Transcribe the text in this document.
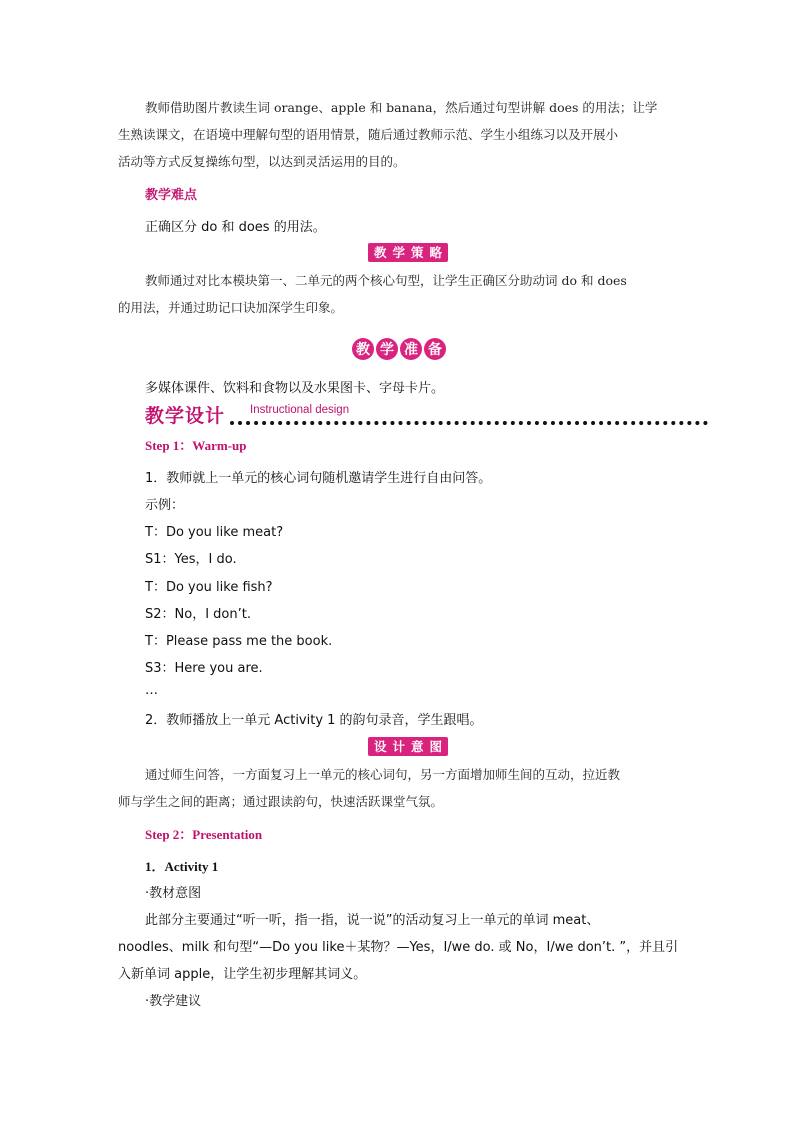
教师借助图片教读生词 orange、apple 和 banana，然后通过句型讲解 does 的用法；让学

生熟读课文，在语境中理解句型的语用情景，随后通过教师示范、学生小组练习以及开展小

活动等方式反复操练句型，以达到灵活运用的目的。

教学难点

正确区分 do 和 does 的用法。

教学策略

教师通过对比本模块第一、二单元的两个核心句型，让学生正确区分助动词 do 和 does

的用法，并通过助记口诀加深学生印象。

教 学 准 备

多媒体课件、饮料和食物以及水果图卡、字母卡片。

教学设计 Instructional design

Step 1：Warm-up

1．教师就上一单元的核心词句随机邀请学生进行自由问答。

示例：

T：Do you like meat?

S1：Yes，I do.

T：Do you like fish?

S2：No，I don’t.

T：Please pass me the book.

S3：Here you are.

…

2．教师播放上一单元 Activity 1 的韵句录音，学生跟唱。

设计意图

通过师生问答，一方面复习上一单元的核心词句，另一方面增加师生间的互动，拉近教

师与学生之间的距离；通过跟读韵句，快速活跃课堂气氛。

Step 2：Presentation

1．Activity 1

·教材意图

此部分主要通过“听一听，指一指，说一说”的活动复习上一单元的单词 meat、

noodles、milk 和句型“—Do you like＋某物？—Yes，I/we do. 或 No，I/we don’t. ”，并且引

入新单词 apple，让学生初步理解其词义。

·教学建议
